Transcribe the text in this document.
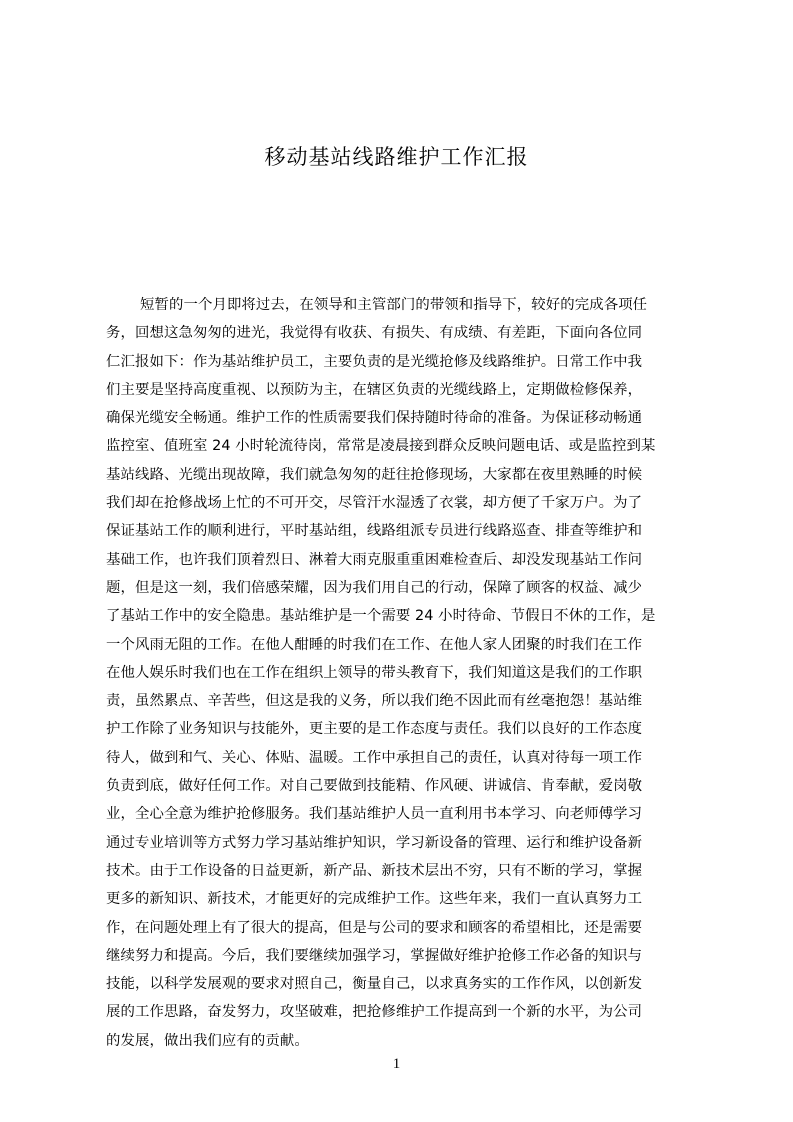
移动基站线路维护工作汇报
短暂的一个月即将过去，在领导和主管部门的带领和指导下，较好的完成各项任
务，回想这急匆匆的进光，我觉得有收获、有损失、有成绩、有差距，下面向各位同
仁汇报如下：作为基站维护员工，主要负责的是光缆抢修及线路维护。日常工作中我
们主要是坚持高度重视、以预防为主，在辖区负责的光缆线路上，定期做检修保养，
确保光缆安全畅通。维护工作的性质需要我们保持随时待命的准备。为保证移动畅通
监控室、值班室 24 小时轮流待岗，常常是凌晨接到群众反映问题电话、或是监控到某
基站线路、光缆出现故障，我们就急匆匆的赶往抢修现场，大家都在夜里熟睡的时候
我们却在抢修战场上忙的不可开交，尽管汗水湿透了衣裳，却方便了千家万户。为了
保证基站工作的顺利进行，平时基站组，线路组派专员进行线路巡查、排查等维护和
基础工作，也许我们顶着烈日、淋着大雨克服重重困难检查后、却没发现基站工作问
题，但是这一刻，我们倍感荣耀，因为我们用自己的行动，保障了顾客的权益、减少
了基站工作中的安全隐患。基站维护是一个需要 24 小时待命、节假日不休的工作，是
一个风雨无阻的工作。在他人酣睡的时我们在工作、在他人家人团聚的时我们在工作
在他人娱乐时我们也在工作在组织上领导的带头教育下，我们知道这是我们的工作职
责，虽然累点、辛苦些，但这是我的义务，所以我们绝不因此而有丝毫抱怨！基站维
护工作除了业务知识与技能外，更主要的是工作态度与责任。我们以良好的工作态度
待人，做到和气、关心、体贴、温暖。工作中承担自己的责任，认真对待每一项工作
负责到底，做好任何工作。对自己要做到技能精、作风硬、讲诚信、肯奉献，爱岗敬
业，全心全意为维护抢修服务。我们基站维护人员一直利用书本学习、向老师傅学习
通过专业培训等方式努力学习基站维护知识，学习新设备的管理、运行和维护设备新
技术。由于工作设备的日益更新，新产品、新技术层出不穷，只有不断的学习，掌握
更多的新知识、新技术，才能更好的完成维护工作。这些年来，我们一直认真努力工
作，在问题处理上有了很大的提高，但是与公司的要求和顾客的希望相比，还是需要
继续努力和提高。今后，我们要继续加强学习，掌握做好维护抢修工作必备的知识与
技能，以科学发展观的要求对照自己，衡量自己，以求真务实的工作作风，以创新发
展的工作思路，奋发努力，攻坚破难，把抢修维护工作提高到一个新的水平，为公司
的发展，做出我们应有的贡献。
1
